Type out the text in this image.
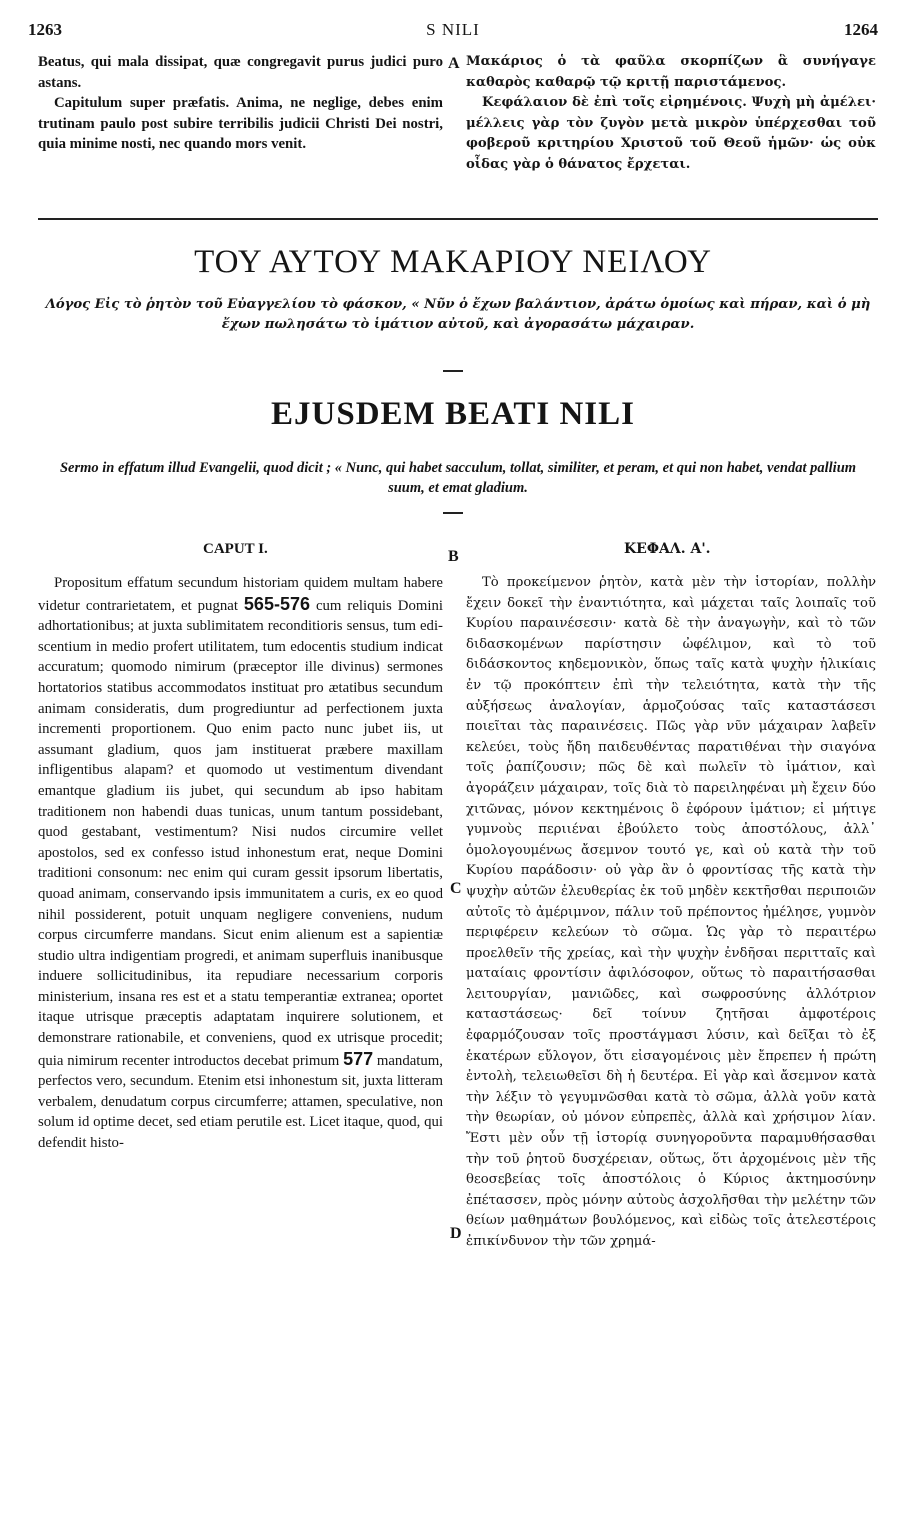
1263	S NILI	1264

Beatus, qui mala dissipat, quæ congregavit purus judici puro astans.

Capitulum super præfatis. Anima, ne neglige, debes enim trutinam paulo post subire terribilis judicii Christi Dei nostri, quia minime nosti, nec quando mors venit.

A Μακάριος ὁ τὰ φαῦλα σκορπίζων ἃ συνήγαγε καθαρὸς καθαρῷ τῷ κριτῇ παριστάμενος.

Κεφάλαιον δὲ ἐπὶ τοῖς εἰρημένοις. Ψυχὴ μὴ ἀμέλει· μέλλεις γὰρ τὸν ζυγὸν μετὰ μικρὸν ὑπέρχεσθαι τοῦ φοβεροῦ κριτηρίου Χριστοῦ τοῦ Θεοῦ ἡμῶν· ὡς οὐκ οἶδας γὰρ ὁ θάνατος ἔρχεται.

ΤΟΥ ΑΥΤΟΥ ΜΑΚΑΡΙΟΥ ΝΕΙΛΟΥ
Λόγος Εἰς τὸ ῥητὸν τοῦ Εὐαγγελίου τὸ φάσκον, « Νῦν ὁ ἔχων βαλάντιον, ἀράτω ὁμοίως καὶ πήραν, καὶ ὁ μὴ ἔχων πωλησάτω τὸ ἱμάτιον αὐτοῦ, καὶ ἀγορασάτω μάχαιραν.
EJUSDEM BEATI NILI
Sermo in effatum illud Evangelii, quod dicit ; « Nunc, qui habet sacculum, tollat, similiter, et peram, et qui non habet, vendat pallium suum, et emat gladium.
CAPUT I.	B	ΚΕΦΑΛ. Α'.

Propositum effatum secundum historiam quidem multam habere videtur contrarietatem, et pugnat 565-576 cum reliquis Domini adhortationibus; at juxta sublimitatem reconditioris sensus, tum edi-scentium in medio profert utilitatem, tum edocentis studium indicat accuratum; quomodo nimirum (præceptor ille divinus) sermones hortatorios statibus accommodatos instituat pro ætatibus secundum animam consideratis, dum progrediuntur ad perfectionem juxta incrementi proportionem. Quo enim pacto nunc jubet iis, ut assumant gladium, quos jam instituerat præbere maxillam infligentibus alapam? et quomodo ut vestimentum divendant emantque gladium iis jubet, qui secundum ab ipso habitam traditionem non habendi duas tunicas, unum tantum possidebant, quod gestabant, vestimentum? Nisi nudos circumire vellet apostolos, sed ex confesso istud inhonestum erat, neque Domini traditioni consonum: nec enim qui curam gessit ipsorum libertatis, quoad animam, conservando ipsis immunitatem a curis, ex eo quod nihil possiderent, potuit unquam negligere conveniens, nudum corpus circumferre mandans. Sicut enim alienum est a sapientiæ studio ultra indigentiam progredi, et animam superfluis inanibusque induere sollicitudinibus, ita repudiare necessarium corporis ministerium, insana res est et a statu temperantiæ extranea; oportet itaque utrisque præceptis adaptatam inquirere solutionem, et demonstrare rationabile, et conveniens, quod ex utrisque procedit; quia nimirum recenter introductos decebat primum 577 mandatum, perfectos vero, secundum. Etenim etsi inhonestum sit, juxta litteram verbalem, denudatum corpus circumferre; attamen, speculative, non solum id optime decet, sed etiam perutile est. Licet itaque, quod, qui defendit histo-

C
D

Τὸ προκείμενον ῥητὸν, κατὰ μὲν τὴν ἱστορίαν, πολλὴν ἔχειν δοκεῖ τὴν ἐναντιότητα, καὶ μάχεται ταῖς λοιπαῖς τοῦ Κυρίου παραινέσεσιν· κατὰ δὲ τὴν ἀναγωγὴν, καὶ τὸ τῶν διδασκομένων παρίστησιν ὠφέλιμον, καὶ τὸ τοῦ διδάσκοντος κηδεμονικὸν, ὅπως ταῖς κατὰ ψυχὴν ἡλικίαις ἐν τῷ προκόπτειν ἐπὶ τὴν τελειότητα, κατὰ τὴν τῆς αὐξήσεως ἀναλογίαν, ἁρμοζούσας ταῖς καταστάσεσι ποιεῖται τὰς παραινέσεις. Πῶς γὰρ νῦν μάχαιραν λαβεῖν κελεύει, τοὺς ἤδη παιδευθέντας παρατιθέναι τὴν σιαγόνα τοῖς ῥαπίζουσιν; πῶς δὲ καὶ πωλεῖν τὸ ἱμάτιον, καὶ ἀγοράζειν μάχαιραν, τοῖς διὰ τὸ παρειληφέναι μὴ ἔχειν δύο χιτῶνας, μόνον κεκτημένοις ὃ ἐφόρουν ἱμάτιον; εἰ μήτιγε γυμνοὺς περιιέναι ἐβούλετο τοὺς ἀποστόλους, ἀλλ᾽ ὁμολογουμένως ἄσεμνον τουτό γε, καὶ οὐ κατὰ τὴν τοῦ Κυρίου παράδοσιν· οὐ γὰρ ἂν ὁ φροντίσας τῆς κατὰ τὴν ψυχὴν αὐτῶν ἐλευθερίας ἐκ τοῦ μηδὲν κεκτῆσθαι περιποιῶν αὐτοῖς τὸ ἀμέριμνον, πάλιν τοῦ πρέποντος ἠμέλησε, γυμνὸν περιφέρειν κελεύων τὸ σῶμα. Ὡς γὰρ τὸ περαιτέρω προελθεῖν τῆς χρείας, καὶ τὴν ψυχὴν ἐνδῆσαι περιτταῖς καὶ ματαίαις φροντίσιν ἀφιλόσοφον, οὕτως τὸ παραιτήσασθαι λειτουργίαν, μανιῶδες, καὶ σωφροσύνης ἀλλότριον καταστάσεως· δεῖ τοίνυν ζητῆσαι ἀμφοτέροις ἐφαρμόζουσαν τοῖς προστάγμασι λύσιν, καὶ δεῖξαι τὸ ἐξ ἑκατέρων εὔλογον, ὅτι εἰσαγομένοις μὲν ἔπρεπεν ἡ πρώτη ἐντολὴ, τελειωθεῖσι δὴ ἡ δευτέρα. Εἰ γὰρ καὶ ἄσεμνον κατὰ τὴν λέξιν τὸ γεγυμνῶσθαι κατὰ τὸ σῶμα, ἀλλὰ γοῦν κατὰ τὴν θεωρίαν, οὐ μόνον εὐπρεπὲς, ἀλλὰ καὶ χρήσιμον λίαν. Ἔστι μὲν οὖν τῇ ἱστορίᾳ συνηγοροῦντα παραμυθήσασθαι τὴν τοῦ ῥητοῦ δυσχέρειαν, οὕτως, ὅτι ἀρχομένοις μὲν τῆς θεοσεβείας τοῖς ἀποστόλοις ὁ Κύριος ἀκτημοσύνην ἐπέτασσεν, πρὸς μόνην αὐτοὺς ἀσχολῆσθαι τὴν μελέτην τῶν θείων μαθημάτων βουλόμενος, καὶ εἰδὼς τοῖς ἀτελεστέροις ἐπικίνδυνον τὴν τῶν χρημά-
